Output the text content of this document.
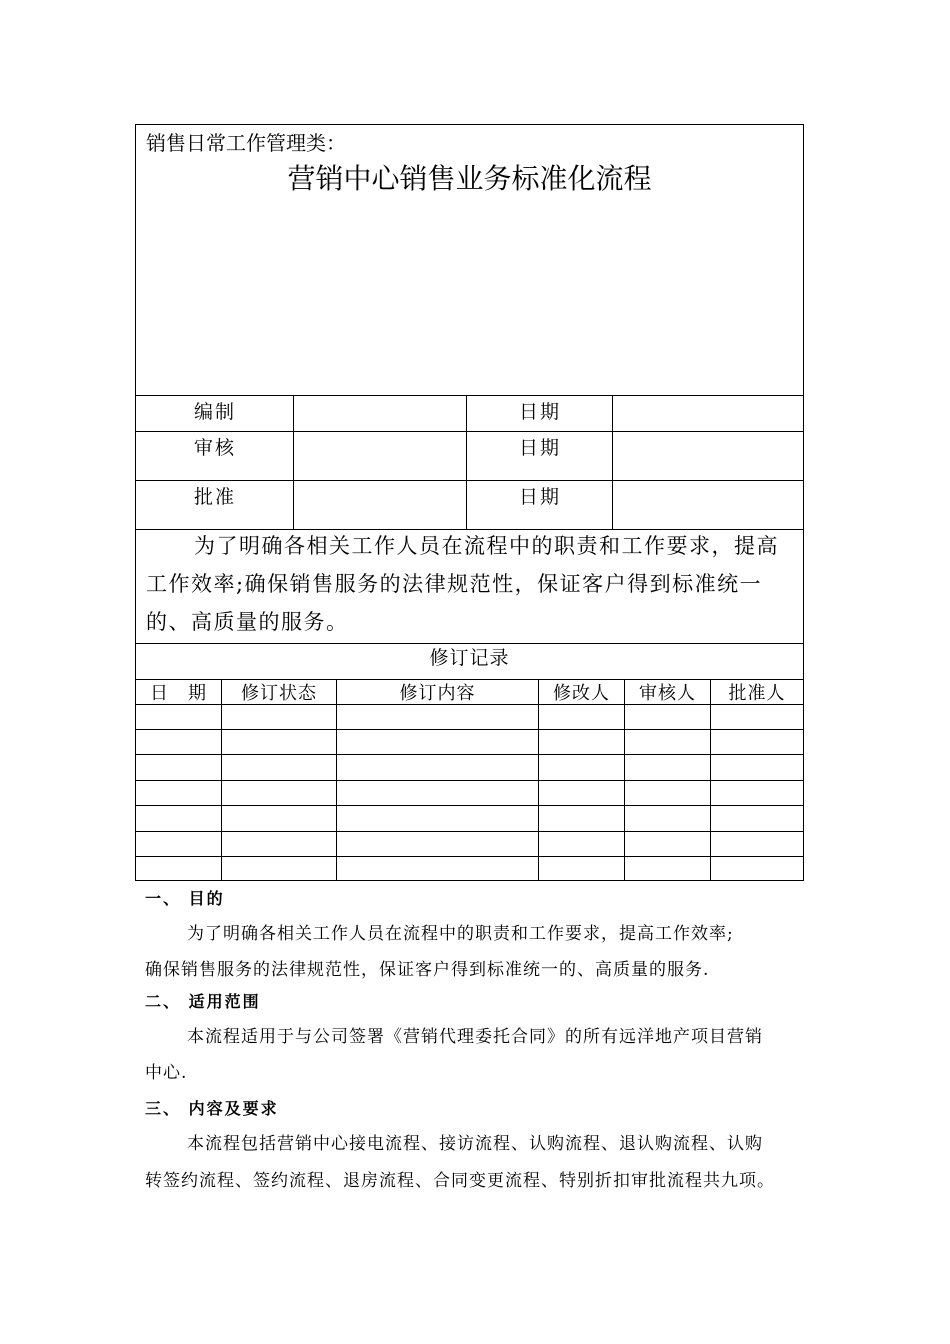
销售日常工作管理类：
营销中心销售业务标准化流程
编制	日期
审核	日期
批准	日期
为了明确各相关工作人员在流程中的职责和工作要求，提高工作效率;确保销售服务的法律规范性，保证客户得到标准统一的、高质量的服务。
修订记录
日　期	修订状态	修订内容	修改人	审核人	批准人
一、 目的
为了明确各相关工作人员在流程中的职责和工作要求，提高工作效率;
确保销售服务的法律规范性，保证客户得到标准统一的、高质量的服务.
二、 适用范围
本流程适用于与公司签署《营销代理委托合同》的所有远洋地产项目营销
中心.
三、 内容及要求
本流程包括营销中心接电流程、接访流程、认购流程、退认购流程、认购
转签约流程、签约流程、退房流程、合同变更流程、特别折扣审批流程共九项。
